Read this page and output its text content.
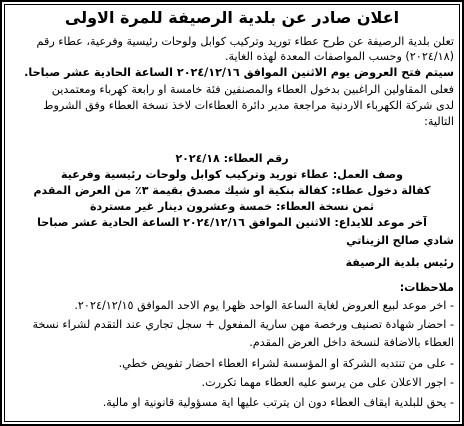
اعلان صادر عن بلدية الرصيفة للمرة الاولى
تعلن بلدية الرصيفة عن طرح عطاء توريد وتركيب كوابل ولوحات رئيسية وفرعية، عطاء رقم
(٢٠٢٤/١٨) وحسب المواصفات المعدة لهذه الغاية.
سيتم فتح العروض يوم الاثنين الموافق ٢٠٢٤/١٢/١٦ الساعة الحادية عشر صباحا.
فعلى المقاولين الراغبين بدخول العطاء والمصنفين فئة خامسة او رابعة كهرباء ومعتمدين
لدى شركة الكهرباء الاردنية مراجعة مدير دائرة العطاءات لاخذ نسخة العطاء وفق الشروط
التالية:
رقم العطاء: ٢٠٢٤/١٨
وصف العمل: عطاء توريد وتركيب كوابل ولوحات رئيسية وفرعية
كفالة دخول عطاء: كفالة بنكية او شيك مصدق بقيمة ٣٪ من العرض المقدم
ثمن نسخة العطاء: خمسة وعشرون دينار غير مستردة
آخر موعد للايداع: الاثنين الموافق ٢٠٢٤/١٢/١٦ الساعة الحادية عشر صباحا
شادي صالح الزيناتي
رئيس بلدية الرصيفة
ملاحظات:
- اخر موعد لبيع العروض لغاية الساعة الواحد ظهرا يوم الاحد الموافق ٢٠٢٤/١٢/١٥.
- احضار شهادة تصنيف ورخصة مهن سارية المفعول + سجل تجاري عند التقدم لشراء نسخة
العطاء بالاضافة لنسخة داخل العرض المقدم.
- على من تنتدبه الشركة او المؤسسة لشراء العطاء احضار تفويض خطي.
- اجور الاعلان على من يرسو عليه العطاء مهما تكررت.
- يحق للبلدية ايقاف العطاء دون ان يترتب عليها اية مسؤولية قانونية او مالية.
